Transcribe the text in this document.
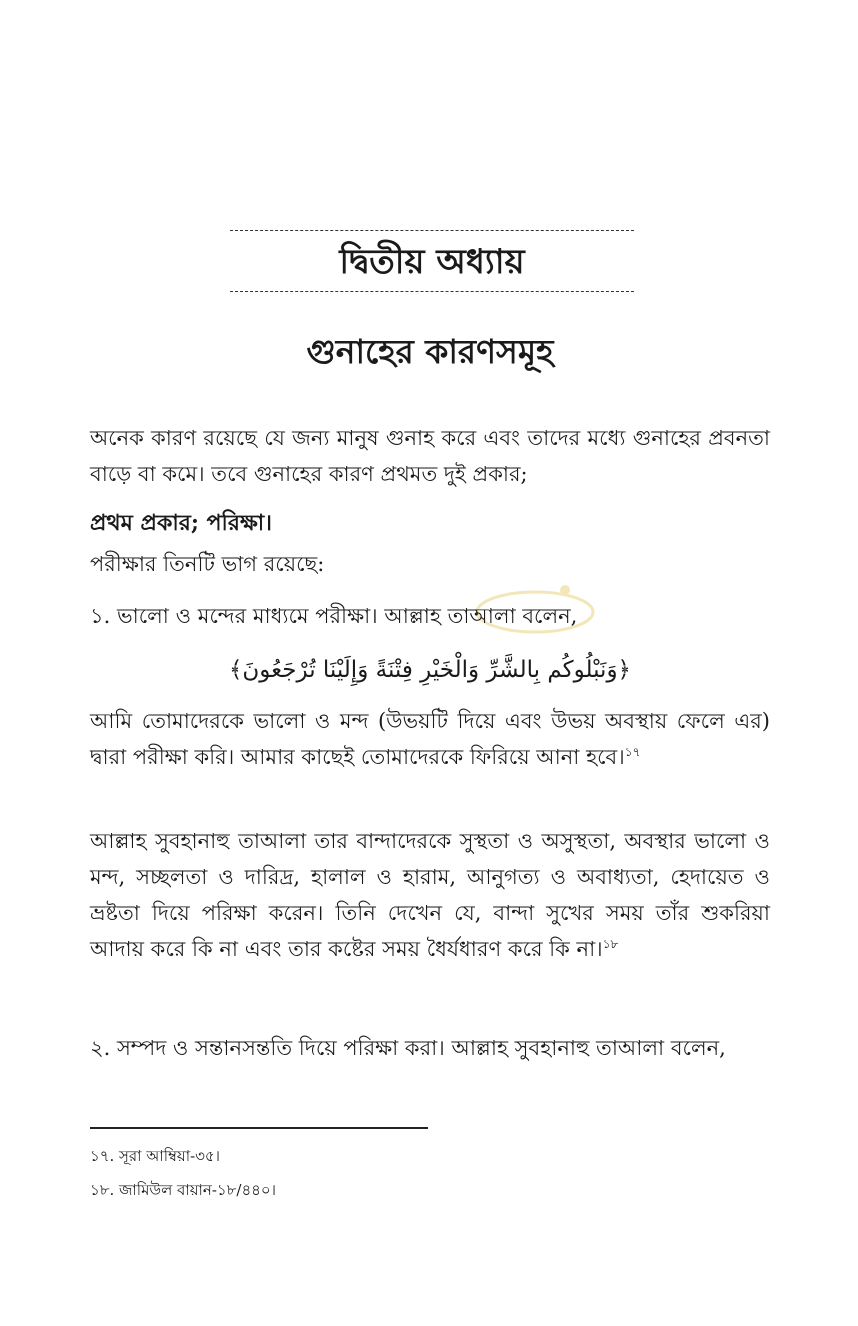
দ্বিতীয় অধ্যায়
গুনাহের কারণসমূহ
অনেক কারণ রয়েছে যে জন্য মানুষ গুনাহ করে এবং তাদের মধ্যে গুনাহের প্রবনতা বাড়ে বা কমে। তবে গুনাহের কারণ প্রথমত দুই প্রকার;
প্রথম প্রকার; পরিক্ষা।
পরীক্ষার তিনটি ভাগ রয়েছে:
১. ভালো ও মন্দের মাধ্যমে পরীক্ষা। আল্লাহ তাআলা বলেন,
﴿وَنَبْلُوكُم بِالشَّرِّ وَالْخَيْرِ فِتْنَةً وَإِلَيْنَا تُرْجَعُونَ﴾
আমি তোমাদেরকে ভালো ও মন্দ (উভয়টি দিয়ে এবং উভয় অবস্থায় ফেলে এর) দ্বারা পরীক্ষা করি। আমার কাছেই তোমাদেরকে ফিরিয়ে আনা হবে।$^{১৭}$
আল্লাহ সুবহানাহু তাআলা তার বান্দাদেরকে সুস্থতা ও অসুস্থতা, অবস্থার ভালো ও মন্দ, সচ্ছলতা ও দারিদ্র, হালাল ও হারাম, আনুগত্য ও অবাধ্যতা, হেদায়েত ও ভ্রষ্টতা দিয়ে পরিক্ষা করেন। তিনি দেখেন যে, বান্দা সুখের সময় তাঁর শুকরিয়া আদায় করে কি না এবং তার কষ্টের সময় ধৈর্যধারণ করে কি না।$^{১৮}$
২. সম্পদ ও সন্তানসন্ততি দিয়ে পরিক্ষা করা। আল্লাহ সুবহানাহু তাআলা বলেন,
১৭. সূরা আম্বিয়া-৩৫।
১৮. জামিউল বায়ান-১৮/৪৪০।
